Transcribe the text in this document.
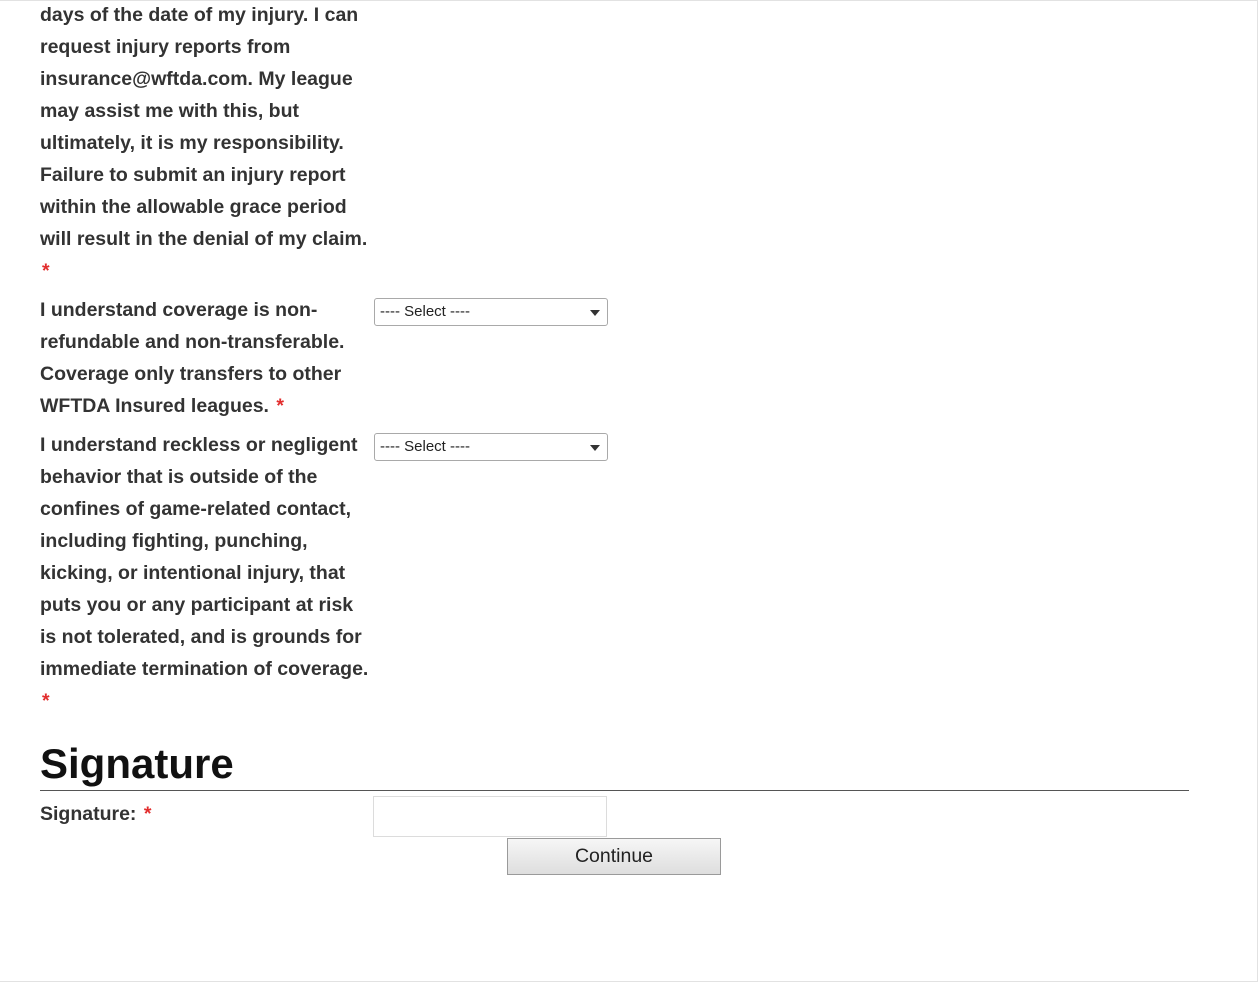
days of the date of my injury. I can request injury reports from insurance@wftda.com. My league may assist me with this, but ultimately, it is my responsibility. Failure to submit an injury report within the allowable grace period will result in the denial of my claim. *
I understand coverage is non-refundable and non-transferable. Coverage only transfers to other WFTDA Insured leagues. *
---- Select ----
I understand reckless or negligent behavior that is outside of the confines of game-related contact, including fighting, punching, kicking, or intentional injury, that puts you or any participant at risk is not tolerated, and is grounds for immediate termination of coverage. *
---- Select ----
Signature
Signature: *
Continue
